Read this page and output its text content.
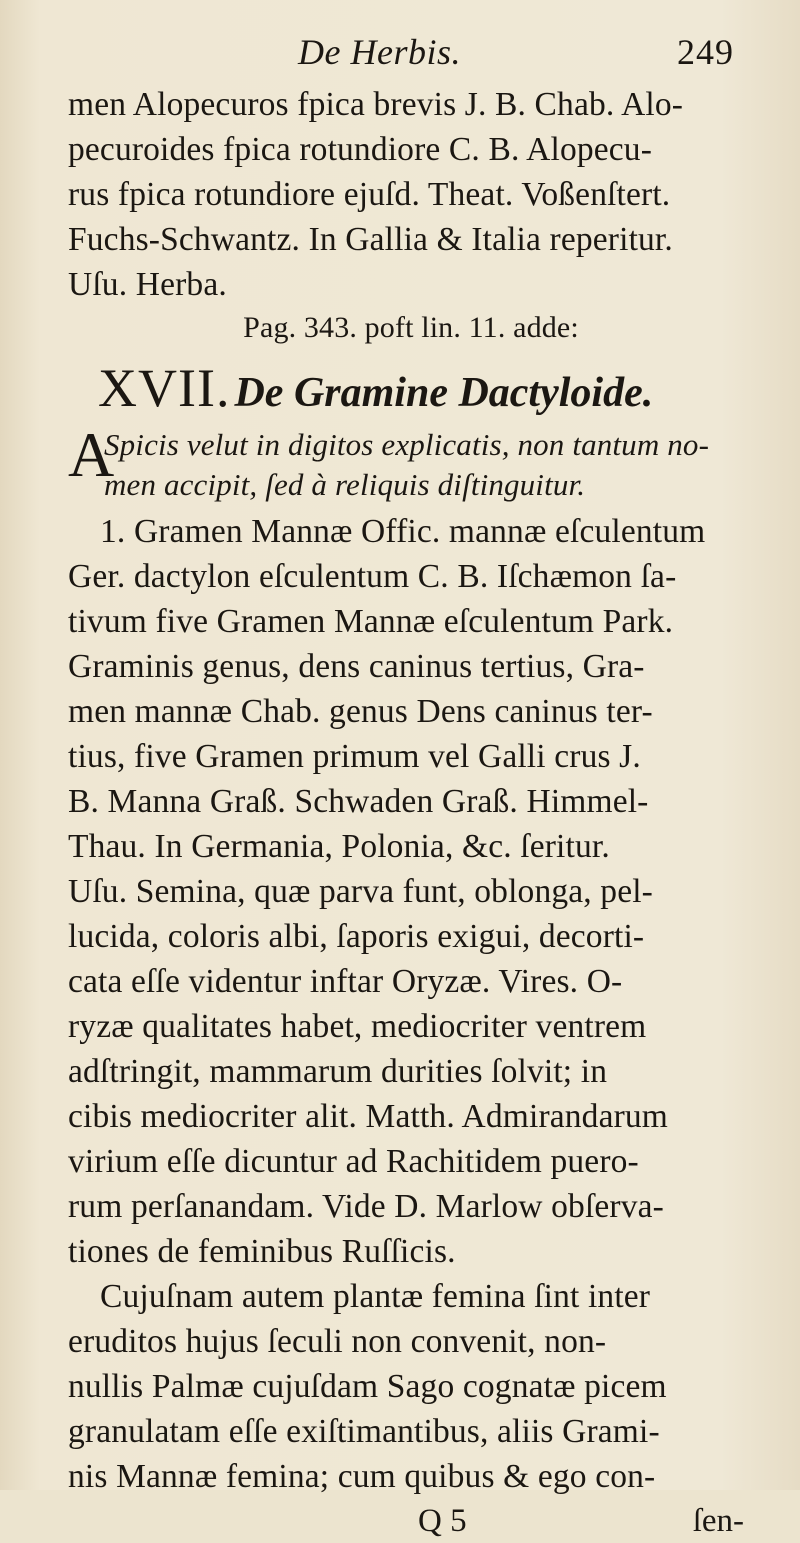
De Herbis.	249
men Alopecuros fpica brevis J. B. Chab. Alo-
pecuroides fpica rotundiore C. B. Alopecu-
rus fpica rotundiore ejuſd. Theat. Voßenſtert.
Fuchs-Schwantz. In Gallia & Italia reperitur.
Uſu. Herba.
Pag. 343. poft lin. 11. adde:
XVII. De Gramine Dactyloide.
A
Spicis velut in digitos explicatis, non tantum no-
men accipit, ſed à reliquis diſtinguitur.
1. Gramen Mannæ Offic. mannæ eſculentum
Ger. dactylon eſculentum C. B. Iſchæmon ſa-
tivum five Gramen Mannæ eſculentum Park.
Graminis genus, dens caninus tertius, Gra-
men mannæ Chab. genus Dens caninus ter-
tius, five Gramen primum vel Galli crus J.
B. Manna Graß. Schwaden Graß. Himmel-
Thau. In Germania, Polonia, &c. ſeritur.
Uſu. Semina, quæ parva funt, oblonga, pel-
lucida, coloris albi, ſaporis exigui, decorti-
cata eſſe videntur inftar Oryzæ. Vires. O-
ryzæ qualitates habet, mediocriter ventrem
adſtringit, mammarum durities ſolvit; in
cibis mediocriter alit. Matth. Admirandarum
virium eſſe dicuntur ad Rachitidem puero-
rum perſanandam. Vide D. Marlow obſerva-
tiones de feminibus Ruſſicis.
Cujuſnam autem plantæ femina ſint inter
eruditos hujus ſeculi non convenit, non-
nullis Palmæ cujuſdam Sago cognatæ picem
granulatam eſſe exiſtimantibus, aliis Grami-
nis Mannæ femina; cum quibus & ego con-
Q 5	ſen-
